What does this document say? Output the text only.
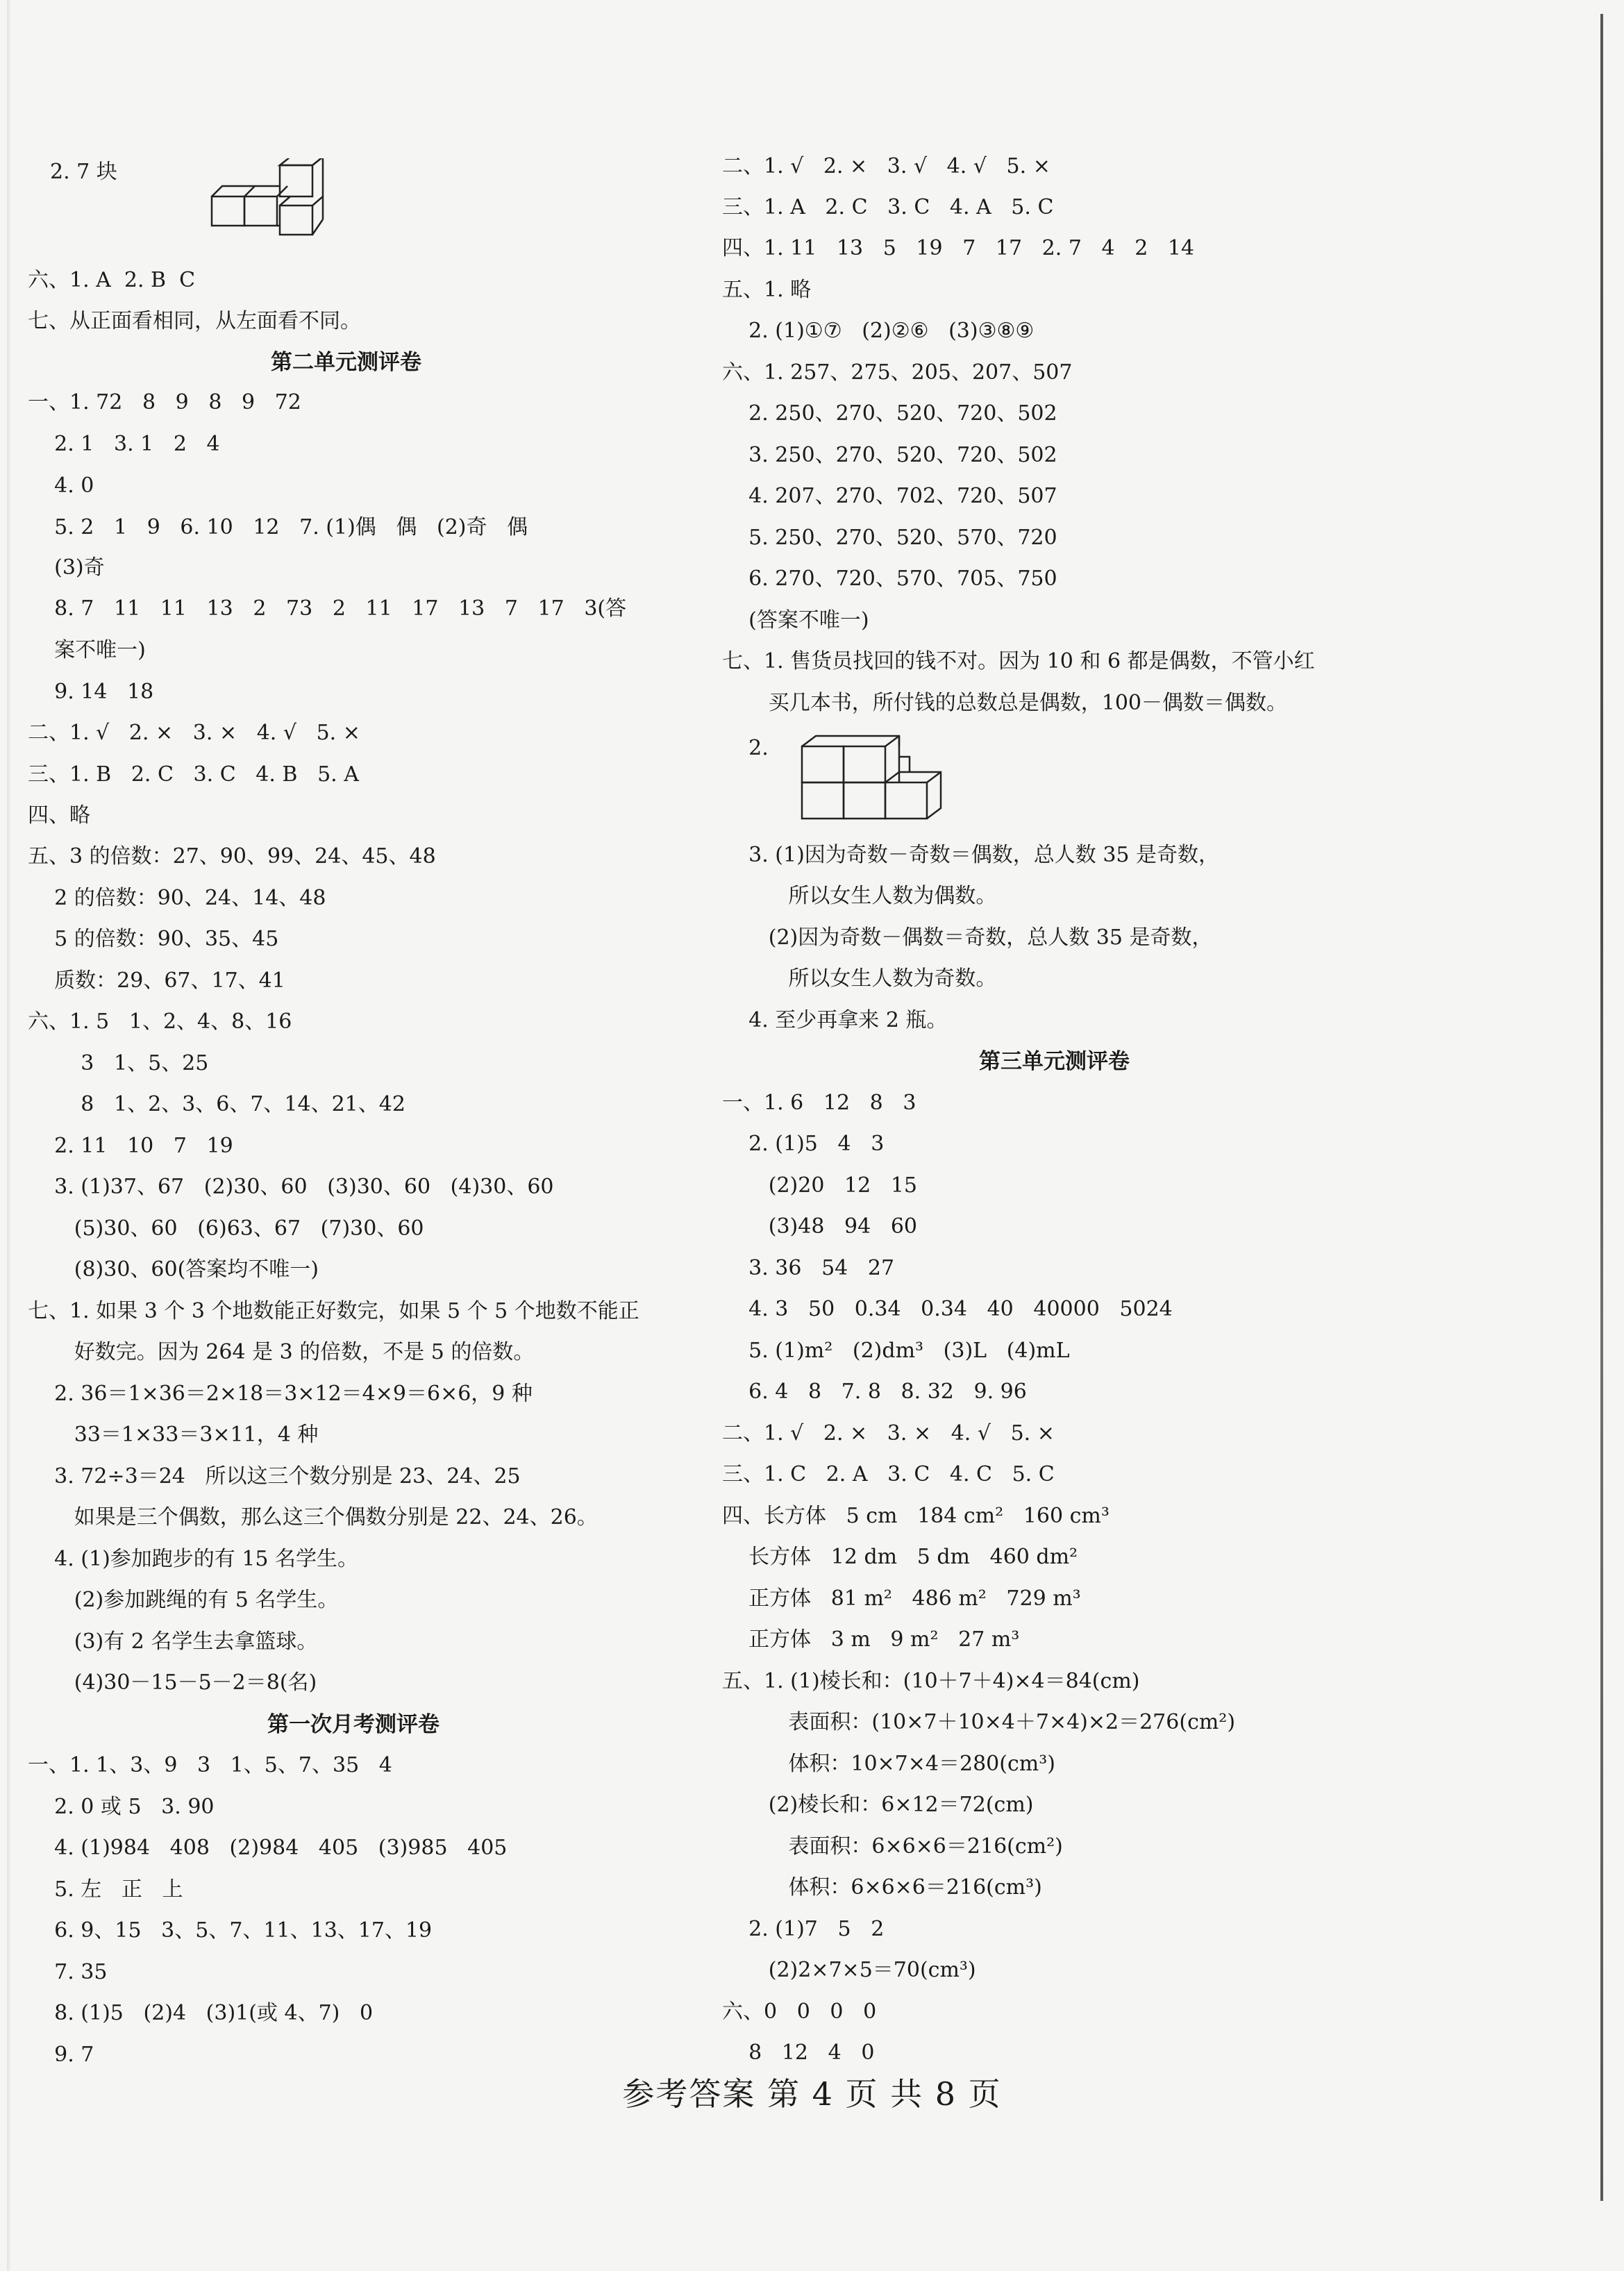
2. 7 块
六、1. A  2. B  C
七、从正面看相同，从左面看不同。
第二单元测评卷
一、1. 72   8   9   8   9   72
2. 1   3. 1   2   4
4. 0
5. 2   1   9   6. 10   12   7. (1)偶   偶   (2)奇   偶
(3)奇
8. 7   11   11   13   2   73   2   11   17   13   7   17   3(答
案不唯一)
9. 14   18
二、1. √   2. ×   3. ×   4. √   5. ×
三、1. B   2. C   3. C   4. B   5. A
四、略
五、3 的倍数：27、90、99、24、45、48
2 的倍数：90、24、14、48
5 的倍数：90、35、45
质数：29、67、17、41
六、1. 5   1、2、4、8、16
3   1、5、25
8   1、2、3、6、7、14、21、42
2. 11   10   7   19
3. (1)37、67   (2)30、60   (3)30、60   (4)30、60
(5)30、60   (6)63、67   (7)30、60
(8)30、60(答案均不唯一)
七、1. 如果 3 个 3 个地数能正好数完，如果 5 个 5 个地数不能正
好数完。因为 264 是 3 的倍数，不是 5 的倍数。
2. 36＝1×36＝2×18＝3×12＝4×9＝6×6，9 种
33＝1×33＝3×11，4 种
3. 72÷3＝24   所以这三个数分别是 23、24、25
如果是三个偶数，那么这三个偶数分别是 22、24、26。
4. (1)参加跑步的有 15 名学生。
(2)参加跳绳的有 5 名学生。
(3)有 2 名学生去拿篮球。
(4)30－15－5－2＝8(名)
第一次月考测评卷
一、1. 1、3、9   3   1、5、7、35   4
2. 0 或 5   3. 90
4. (1)984   408   (2)984   405   (3)985   405
5. 左   正   上
6. 9、15   3、5、7、11、13、17、19
7. 35
8. (1)5   (2)4   (3)1(或 4、7)   0
9. 7
二、1. √   2. ×   3. √   4. √   5. ×
三、1. A   2. C   3. C   4. A   5. C
四、1. 11   13   5   19   7   17   2. 7   4   2   14
五、1. 略
2. (1)①⑦   (2)②⑥   (3)③⑧⑨
六、1. 257、275、205、207、507
2. 250、270、520、720、502
3. 250、270、520、720、502
4. 207、270、702、720、507
5. 250、270、520、570、720
6. 270、720、570、705、750
(答案不唯一)
七、1. 售货员找回的钱不对。因为 10 和 6 都是偶数，不管小红
买几本书，所付钱的总数总是偶数，100－偶数＝偶数。
2.
3. (1)因为奇数－奇数＝偶数，总人数 35 是奇数，
所以女生人数为偶数。
(2)因为奇数－偶数＝奇数，总人数 35 是奇数，
所以女生人数为奇数。
4. 至少再拿来 2 瓶。
第三单元测评卷
一、1. 6   12   8   3
2. (1)5   4   3
(2)20   12   15
(3)48   94   60
3. 36   54   27
4. 3   50   0.34   0.34   40   40000   5024
5. (1)m²   (2)dm³   (3)L   (4)mL
6. 4   8   7. 8   8. 32   9. 96
二、1. √   2. ×   3. ×   4. √   5. ×
三、1. C   2. A   3. C   4. C   5. C
四、长方体   5 cm   184 cm²   160 cm³
长方体   12 dm   5 dm   460 dm²
正方体   81 m²   486 m²   729 m³
正方体   3 m   9 m²   27 m³
五、1. (1)棱长和：(10＋7＋4)×4＝84(cm)
表面积：(10×7＋10×4＋7×4)×2＝276(cm²)
体积：10×7×4＝280(cm³)
(2)棱长和：6×12＝72(cm)
表面积：6×6×6＝216(cm²)
体积：6×6×6＝216(cm³)
2. (1)7   5   2
(2)2×7×5＝70(cm³)
六、0   0   0   0
8   12   4   0
参考答案 第 4 页 共 8 页
